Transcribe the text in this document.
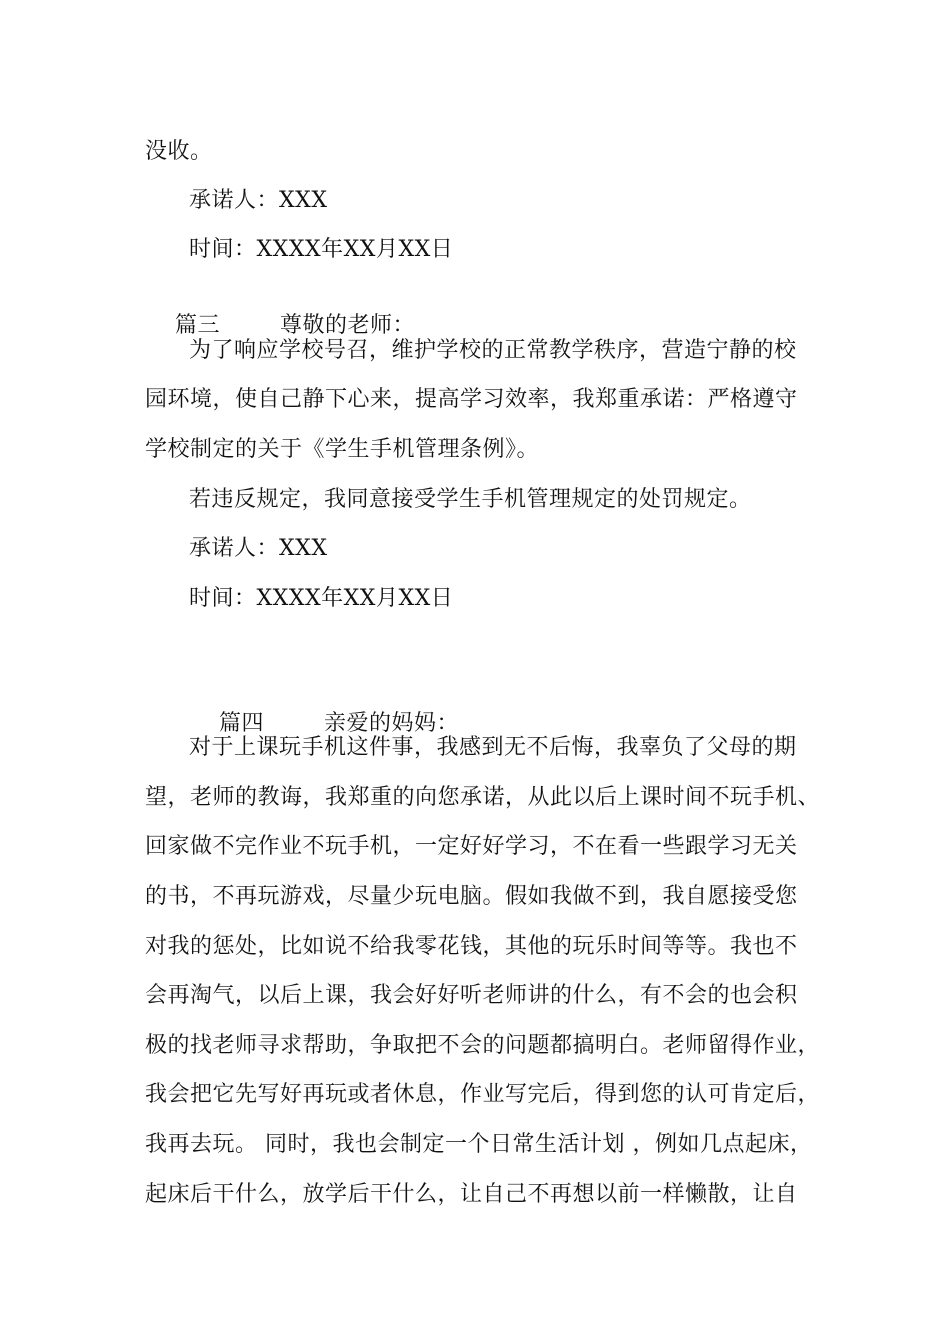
没收。
承诺人：XXX
时间：XXXX年XX月XX日

篇三	尊敬的老师：

为了响应学校号召，维护学校的正常教学秩序，营造宁静的校
园环境，使自己静下心来，提高学习效率，我郑重承诺：严格遵守
学校制定的关于《学生手机管理条例》。
若违反规定，我同意接受学生手机管理规定的处罚规定。
承诺人：XXX
时间：XXXX年XX月XX日

篇四	亲爱的妈妈：

对于上课玩手机这件事，我感到无不后悔，我辜负了父母的期
望，老师的教诲，我郑重的向您承诺，从此以后上课时间不玩手机、
回家做不完作业不玩手机，一定好好学习，不在看一些跟学习无关
的书，不再玩游戏，尽量少玩电脑。假如我做不到，我自愿接受您
对我的惩处，比如说不给我零花钱，其他的玩乐时间等等。我也不
会再淘气，以后上课，我会好好听老师讲的什么，有不会的也会积
极的找老师寻求帮助，争取把不会的问题都搞明白。老师留得作业，
我会把它先写好再玩或者休息，作业写完后，得到您的认可肯定后，
我再去玩。 同时，我也会制定一个日常生活计划 ，例如几点起床，
起床后干什么，放学后干什么，让自己不再想以前一样懒散，让自
